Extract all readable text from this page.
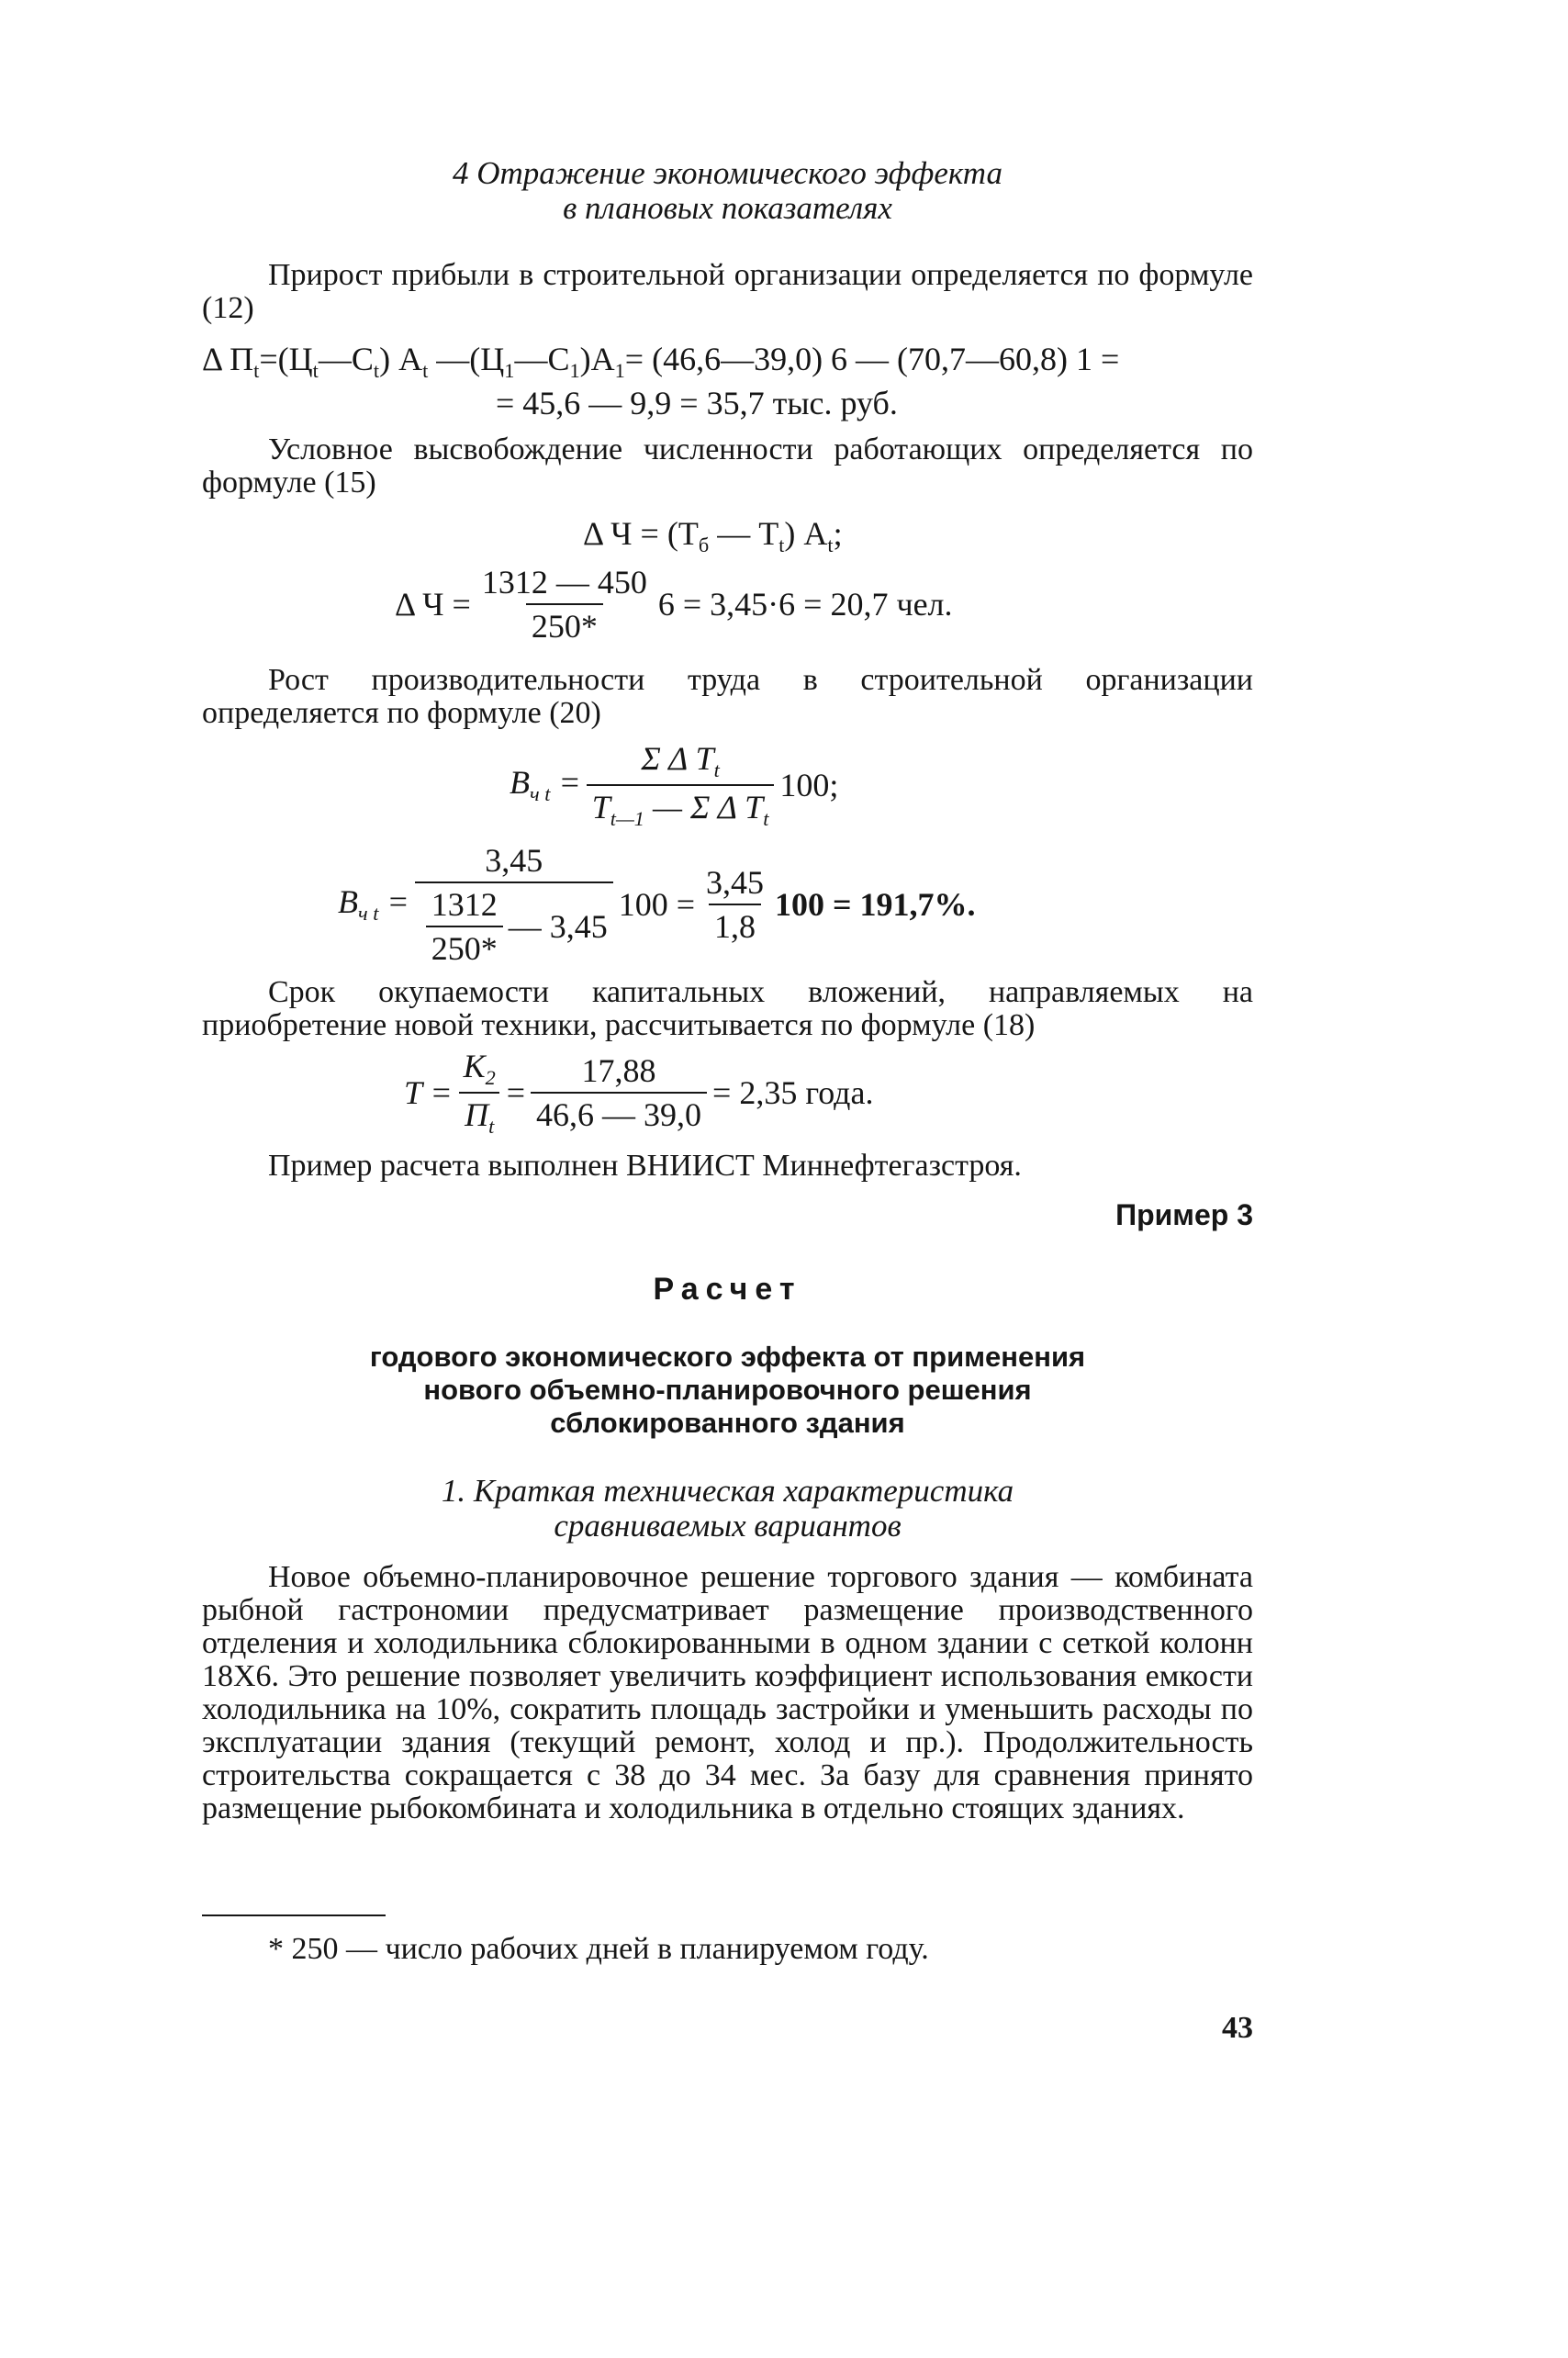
4 Отражение экономического эффекта
в плановых показателях

Прирост прибыли в строительной организации определяется по формуле (12)

Δ $П_t=(Ц_t—С_t)$ $А_t$ $—(Ц_1—С_1)А_1=$ (46,6—39,0) 6 — (70,7—60,8) 1 =
= 45,6 — 9,9 = 35,7 тыс. руб.

Условное высвобождение численности работающих определяется по формуле (15)

Δ $Ч = (Т_б$ — $Т_t$) $А_t$;
Δ $Ч = \frac{1312 — 450}{250*} 6 = 3,45\cdot 6 = 20,7$ чел.

Рост производительности труда в строительной организации определяется по формуле (20)

$В_{ч t} = \frac{\Sigma \Delta T_t}{T_{t—1} — \Sigma \Delta T_t} 100$;
$В_{ч t} = \frac{3,45}{\frac{1312}{250*} — 3,45} 100 = \frac{3,45}{1,8} 100 = 191,7\%$.

Срок окупаемости капитальных вложений, направляемых на приобретение новой техники, рассчитывается по формуле (18)

$T = \frac{К_2}{П_t} = \frac{17,88}{46,6 — 39,0} = 2,35$ года.

Пример расчета выполнен ВНИИСТ Миннефтегазстроя.

Пример 3
Расчет
годового экономического эффекта от применения
нового объемно-планировочного решения
сблокированного здания
1. Краткая техническая характеристика
сравниваемых вариантов

Новое объемно-планировочное решение торгового здания — комбината рыбной гастрономии предусматривает размещение производственного отделения и холодильника сблокированными в одном здании с сеткой колонн 18X6. Это решение позволяет увеличить коэффициент использования емкости холодильника на 10%, сократить площадь застройки и уменьшить расходы по эксплуатации здания (текущий ремонт, холод и пр.). Продолжительность строительства сокращается с 38 до 34 мес. За базу для сравнения принято размещение рыбокомбината и холодильника в отдельно стоящих зданиях.

* 250 — число рабочих дней в планируемом году.

43
